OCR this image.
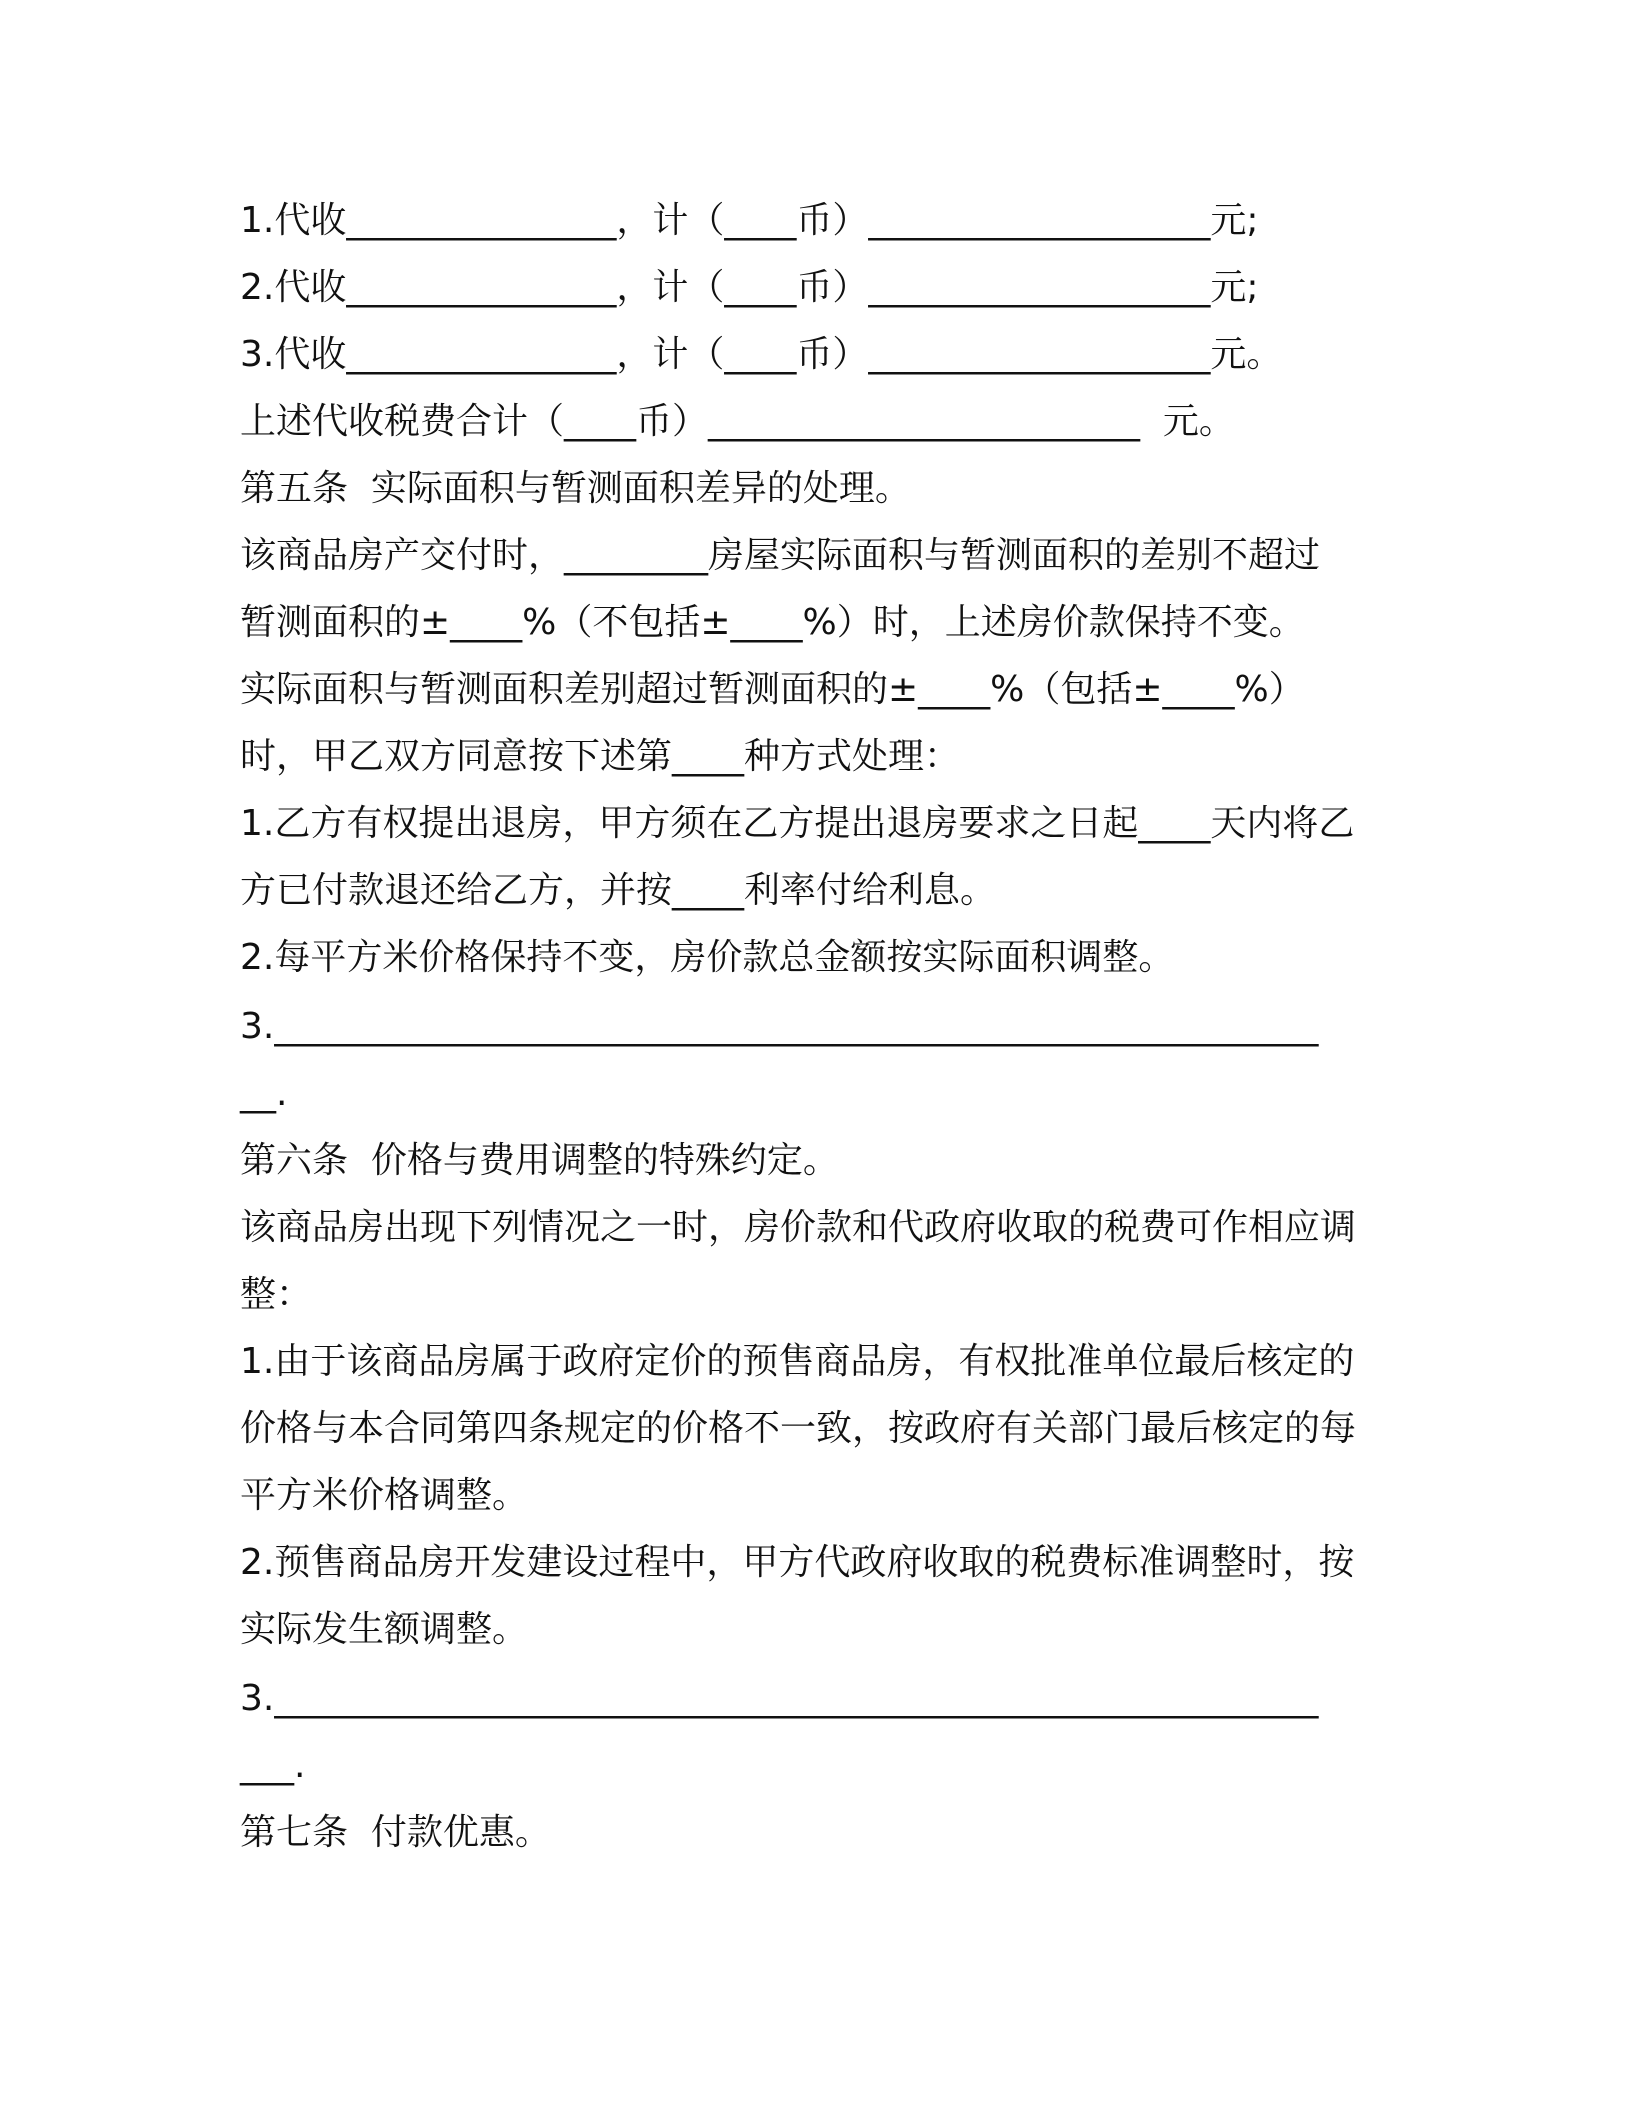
1.代收_______________，计（____币）___________________元;

2.代收_______________，计（____币）___________________元;

3.代收_______________，计（____币）___________________元。

上述代收税费合计（____币）________________________  元。

第五条  实际面积与暂测面积差异的处理。

该商品房产交付时，________房屋实际面积与暂测面积的差别不超过

暂测面积的±____%（不包括±____%）时，上述房价款保持不变。

实际面积与暂测面积差别超过暂测面积的±____%（包括±____%）

时，甲乙双方同意按下述第____种方式处理：

1.乙方有权提出退房，甲方须在乙方提出退房要求之日起____天内将乙

方已付款退还给乙方，并按____利率付给利息。

2.每平方米价格保持不变，房价款总金额按实际面积调整。

3.__________________________________________________________

__.

第六条  价格与费用调整的特殊约定。

该商品房出现下列情况之一时，房价款和代政府收取的税费可作相应调

整：

1.由于该商品房属于政府定价的预售商品房，有权批准单位最后核定的

价格与本合同第四条规定的价格不一致，按政府有关部门最后核定的每

平方米价格调整。

2.预售商品房开发建设过程中，甲方代政府收取的税费标准调整时，按

实际发生额调整。

3.__________________________________________________________

___.

第七条  付款优惠。
